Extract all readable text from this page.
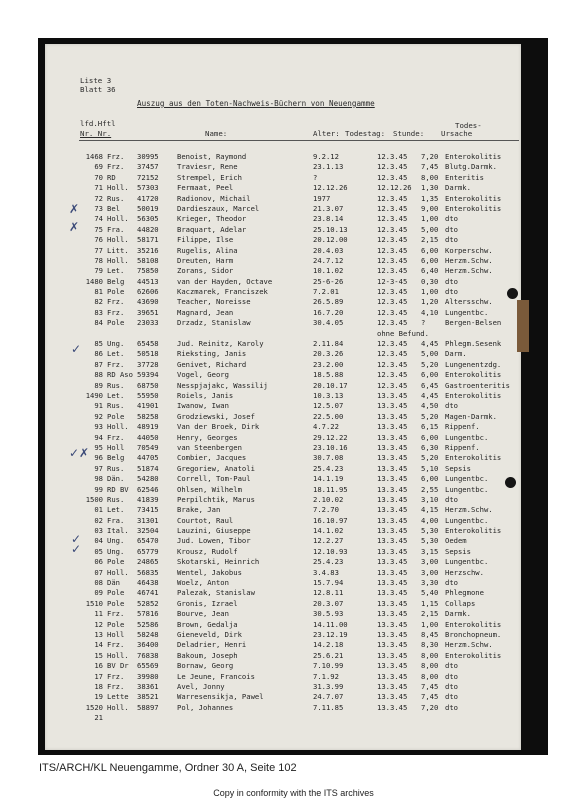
Liste 3
Blatt 36
Auszug aus den Toten-Nachweis-Büchern von Neuengamme
lfd.Hftl
Nr. Nr.	Name:	Alter: Todestag: Stunde:
Todes-
Ursache
1468 Frz. 30995	Benoist, Raymond	9.2.12	12.3.45 7,20 Enterokolitis
69 Frz. 37457	Traviesr, Rene	23.1.13	12.3.45 7,45 Blutg.Darmk.
70 RD	72152	Strempel, Erich	?	12.3.45 8,00 Enteritis
71 Holl. 57303	Fermaat, Peel	12.12.26	12.12.26 1,30 Darmk.
72 Rus. 41720	Radionov, Michail	1977	12.3.45 1,35 Enterokolitis
73 Bel 50019	Dardieszaux, Marcel	21.3.07	12.3.45 9,00 Enterokolitis
74 Holl. 56305	Krieger, Theodor	23.8.14	12.3.45 1,00 dto
75 Fra. 44820	Braquart, Adelar	25.10.13	12.3.45 5,00 dto
76 Holl. 58171	Filippe, Ilse	20.12.00	12.3.45 2,15 dto
77 Litt. 35216	Rugelis, Alina	20.4.03	12.3.45 6,00 Korperschw.
78 Holl. 58108	Dreuten, Harm	24.7.12	12.3.45 6,00 Herzm.Schw.
79 Let. 75850	Zorans, Sidor	10.1.02	12.3.45 6,40 Herzm.Schw.
1480 Belg 44513	van der Hayden, Octave	25-6-26	12-3-45 0,30 dto
81 Pole 62606	Kaczmarek, Franciszek	7.2.01	12.3.45 1,00 dto
82 Frz. 43690	Teacher, Noreisse	26.5.89	12.3.45 1,20 Altersschw.
83 Frz. 39651	Magnard, Jean	16.7.20	12.3.45 4,10 Lungentbc.
84 Pole 23033	Drzadz, Stanislaw	30.4.05	12.3.45 ?	Bergen-Belsen
ohne Befund.
85 Ung. 65458	Jud. Reinitz, Karoly	2.11.84	12.3.45 4,45 Phlegm.Sesenk
86 Let. 50518	Rieksting, Janis	20.3.26	12.3.45 5,00 Darm.
87 Frz. 37728	Genivet, Richard	23.2.00	12.3.45 5,20 Lungenentzdg.
88 RD Aso 59394	Vogel, Georg	18.5.88	12.3.45 6,00 Enterokolitis
89 Rus. 68750	Nesspjajakc, Wassilij	20.10.17	12.3.45 6,45 Gastroenteritis
1490 Let. 55950	Roiels, Janis	10.3.13	13.3.45 4,45 Enterokolitis
91 Rus. 41901	Iwanow, Iwan	12.5.07	13.3.45 4,50 dto
92 Pole 58258	Grodziewski, Josef	22.5.00	13.3.45 5,20 Magen-Darmk.
93 Holl. 48919	Van der Broek, Dirk	4.7.22	13.3.45 6,15 Rippenf.
94 Frz. 44050	Henry, Georges	29.12.22	13.3.45 6,00 Lungentbc.
95 Holl 70549	van Steenbergen	23.10.16	13.3.45 6,30 Rippenf.
96 Belg 44705	Combier, Jacques	30.7.08	13.3.45 5,20 Enterokolitis
97 Rus. 51874	Gregoriew, Anatoli	25.4.23	13.3.45 5,10 Sepsis
98 Dän. 54280	Correll, Tom-Paul	14.1.19	13.3.45 6,00 Lungentbc.
99 RD BV 62546	Ohlsen, Wilhelm	18.11.95	13.3.45 2,55 Lungentbc.
1500 Rus. 41839	Perpilchtik, Marus	2.10.02	13.3.45 3,10 dto
01 Let. 73415	Brake, Jan	7.2.70	13.3.45 4,15 Herzm.Schw.
02 Fra. 31301	Courtot, Raul	16.10.97	13.3.45 4,00 Lungentbc.
03 Ital. 32504	Lauzini, Giuseppe	14.1.02	13.3.45 5,30 Enterokolitis
04 Ung. 65470	Jud. Lowen, Tibor	12.2.27	13.3.45 5,30 Oedem
05 Ung. 65779	Krousz, Rudolf	12.10.93	13.3.45 3,15 Sepsis
06 Pole 24865	Skotarski, Heinrich	25.4.23	13.3.45 3,00 Lungentbc.
07 Holl. 56835	Wentel, Jakobus	3.4.83	13.3.45 3,00 Herzschw.
08 Dän 46438	Woelz, Anton	15.7.94	13.3.45 3,30 dto
09 Pole 46741	Palezak, Stanislaw	12.8.11	13.3.45 5,40 Phlegmone
1510 Pole 52852	Gronis, Izrael	20.3.07	13.3.45 1,15 Collaps
11 Frz. 57816	Bourve, Jean	30.5.93	13.3.45 2,15 Darmk.
12 Pole 52586	Brown, Gedalja	14.11.00	13.3.45 1,00 Enterokolitis
13 Holl 58248	Gieneveld, Dirk	23.12.19	13.3.45 8,45 Bronchopneum.
14 Frz. 36400	Deladrier, Henri	14.2.18	13.3.45 8,30 Herzm.Schw.
15 Holl. 76838	Bakoum, Joseph	25.6.21	13.3.45 8,00 Enterokolitis
16 BV Dr 65569	Bornaw, Georg	7.10.99	13.3.45 8,00 dto
17 Frz. 39980	Le Jeune, Francois	7.1.92	13.3.45 8,00 dto
18 Frz. 38361	Avel, Jonny	31.3.99	13.3.45 7,45 dto
19 Lette 38521	Warresensikja, Pawel	24.7.07	13.3.45 7,45 dto
1520 Holl. 58897	Pol, Johannes	7.11.85	13.3.45 7,20 dto
21
✗
✗
✓
✓✗
✓
✓
ITS/ARCH/KL Neuengamme, Ordner 30 A, Seite 102
Copy in conformity with the ITS archives
